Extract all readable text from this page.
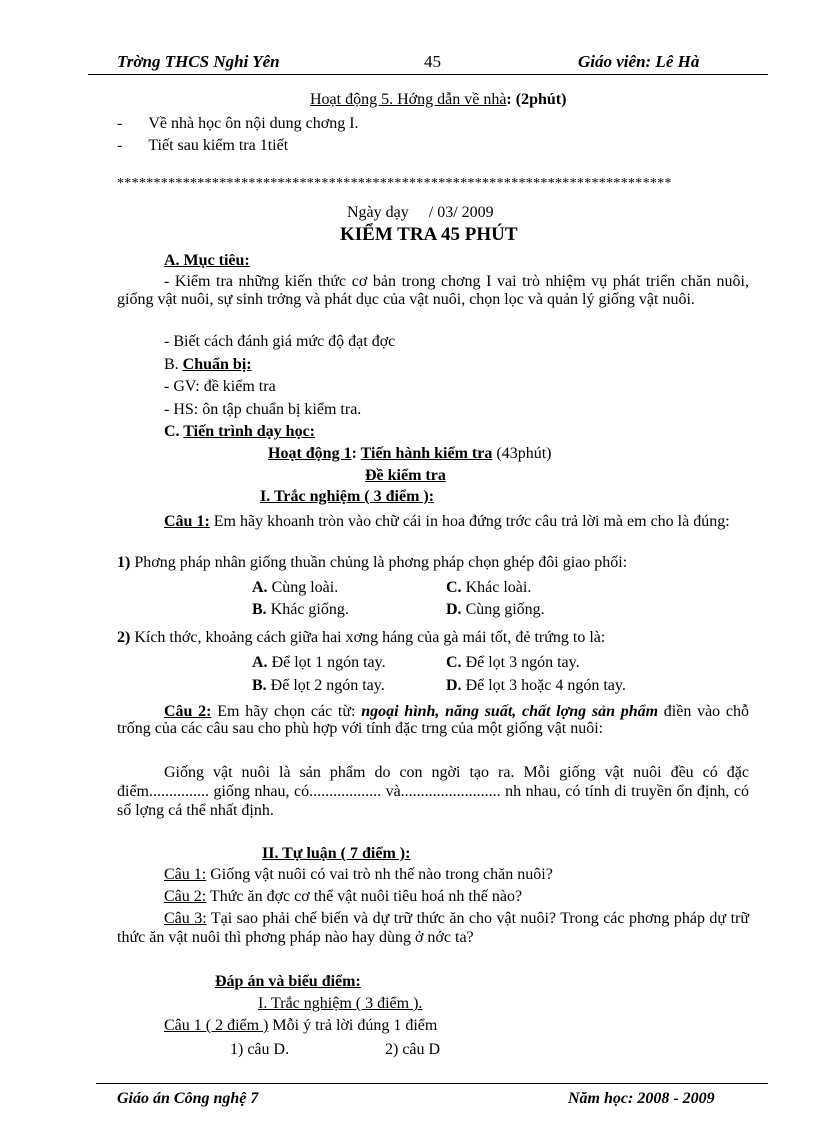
Trờng THCS Nghi Yên	45	Giáo viên: Lê Hà
Hoạt động 5. Hớng dẫn về nhà: (2phút)
- Về nhà học ôn nội dung chơng I.
- Tiết sau kiểm tra 1tiết
****************************************************************************
Ngày dạy     / 03/ 2009
KIỂM TRA 45 PHÚT
A. Mục tiêu:
- Kiểm tra những kiến thức cơ bản trong chơng I vai trò nhiệm vụ phát triển chăn nuôi, giống vật nuôi, sự sinh trởng và phát dục của vật nuôi, chọn lọc và quản lý giống vật nuôi.
- Biết cách đánh giá mức độ đạt đợc
B. Chuẩn bị:
- GV: đề kiểm tra
- HS: ôn tập chuẩn bị kiểm tra.
C. Tiến trình dạy học:
Hoạt động 1: Tiến hành kiểm tra (43phút)
Đề kiểm tra
I. Trắc nghiệm ( 3 điểm ):
Câu 1: Em hãy khoanh tròn vào chữ cái in hoa đứng trớc câu trả lời mà em cho là đúng:
1) Phơng pháp nhân giống thuần chủng là phơng pháp chọn ghép đôi giao phối:
A. Cùng loài.	C. Khác loài.
B. Khác giống.	D. Cùng giống.
2) Kích thớc, khoảng cách giữa hai xơng háng của gà mái tốt, đẻ trứng to là:
A. Để lọt 1 ngón tay.	C. Để lọt 3 ngón tay.
B. Để lọt 2 ngón tay.	D. Để lọt 3 hoặc 4 ngón tay.
Câu 2: Em hãy chọn các từ: ngoại hình, năng suất, chất lợng sản phẩm điền vào chỗ trống của các câu sau cho phù hợp với tính đặc trng của một giống vật nuôi:
Giống vật nuôi là sản phẩm do con ngời tạo ra. Mỗi giống vật nuôi đều có đặc điểm............... giống nhau, có.................. và......................... nh nhau, có tính di truyền ổn định, có số lợng cá thể nhất định.
II. Tự luận ( 7 điểm ):
Câu 1: Giống vật nuôi có vai trò nh thế nào trong chăn nuôi?
Câu 2: Thức ăn đợc cơ thể vật nuôi tiêu hoá nh thế nào?
Câu 3: Tại sao phải chế biến và dự trữ thức ăn cho vật nuôi? Trong các phơng pháp dự trữ thức ăn vật nuôi thì phơng pháp nào hay dùng ở nớc ta?
Đáp án và biểu điểm:
I. Trắc nghiệm ( 3 điểm ).
Câu 1 ( 2 điểm ) Mỗi ý trả lời đúng 1 điểm
1) câu D.	2) câu D
Giáo án Công nghệ 7	Năm học: 2008 - 2009
